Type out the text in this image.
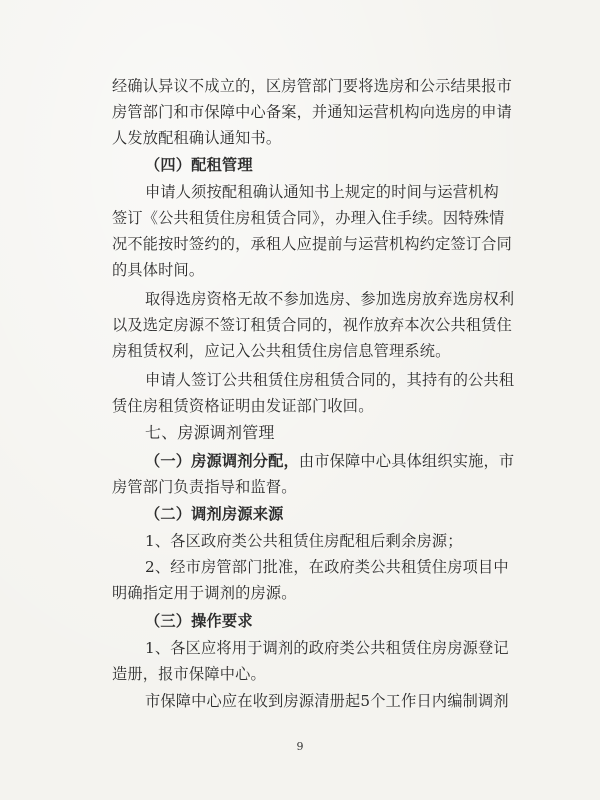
经确认异议不成立的，区房管部门要将选房和公示结果报市
房管部门和市保障中心备案，并通知运营机构向选房的申请
人发放配租确认通知书。
（四）配租管理
申请人须按配租确认通知书上规定的时间与运营机构
签订《公共租赁住房租赁合同》，办理入住手续。因特殊情
况不能按时签约的，承租人应提前与运营机构约定签订合同
的具体时间。
取得选房资格无故不参加选房、参加选房放弃选房权利
以及选定房源不签订租赁合同的，视作放弃本次公共租赁住
房租赁权利，应记入公共租赁住房信息管理系统。
申请人签订公共租赁住房租赁合同的，其持有的公共租
赁住房租赁资格证明由发证部门收回。
七、房源调剂管理
（一）房源调剂分配，由市保障中心具体组织实施，市
房管部门负责指导和监督。
（二）调剂房源来源
1、各区政府类公共租赁住房配租后剩余房源；
2、经市房管部门批准，在政府类公共租赁住房项目中
明确指定用于调剂的房源。
（三）操作要求
1、各区应将用于调剂的政府类公共租赁住房房源登记
造册，报市保障中心。
市保障中心应在收到房源清册起5个工作日内编制调剂
9
